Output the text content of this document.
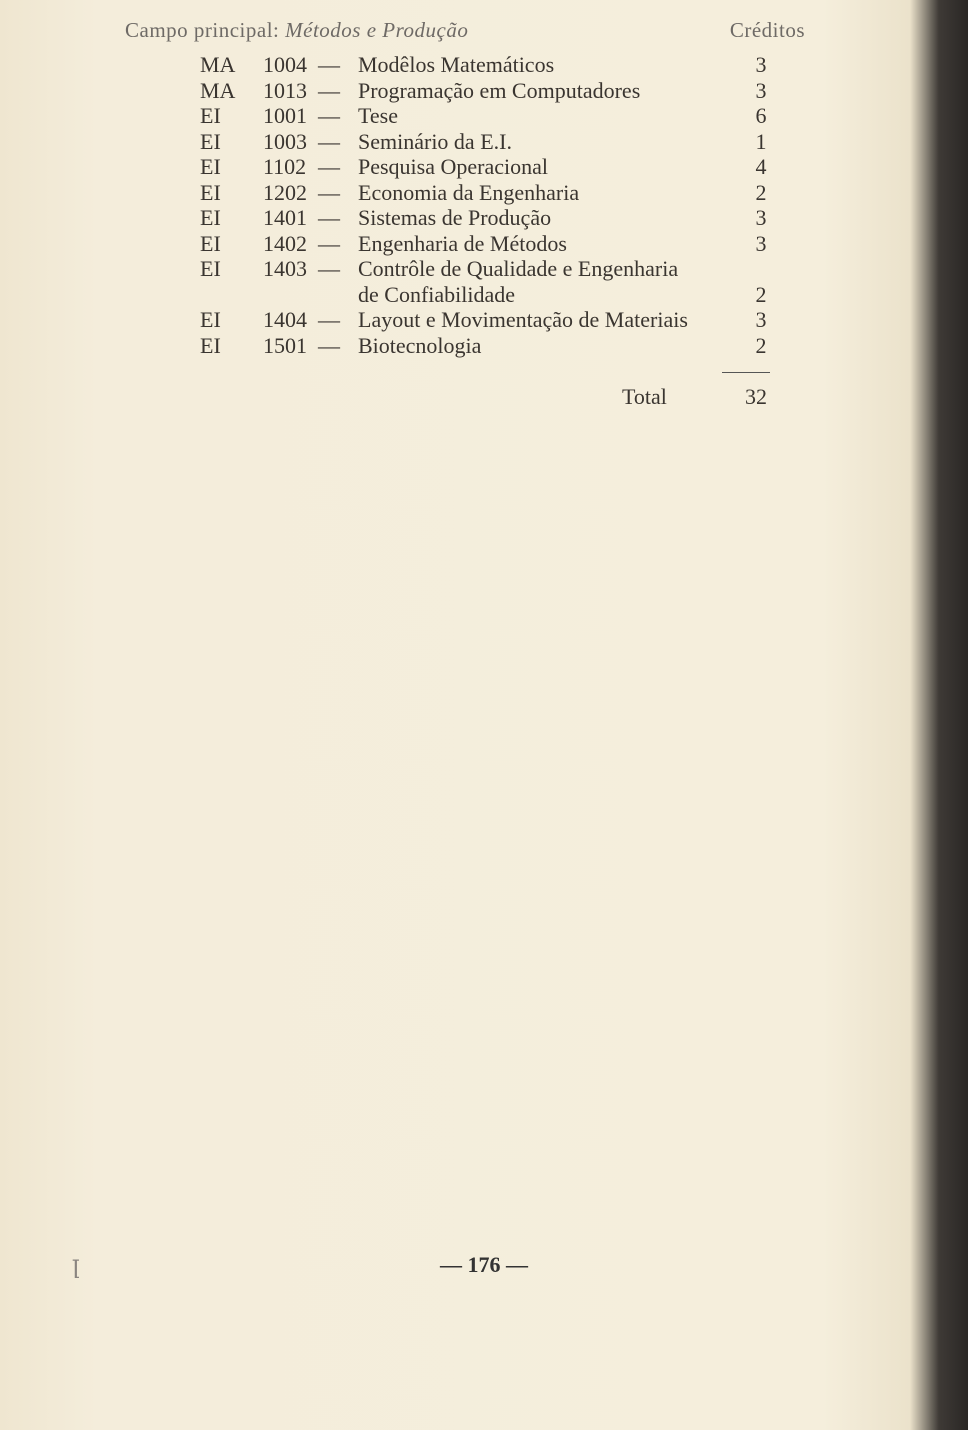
Campo principal: Métodos e Produção	Créditos
MA 1004 — Modêlos Matemáticos	3
MA 1013 — Programação em Computadores	3
EI 1001 — Tese	6
EI 1003 — Seminário da E.I.	1
EI 1102 — Pesquisa Operacional	4
EI 1202 — Economia da Engenharia	2
EI 1401 — Sistemas de Produção	3
EI 1402 — Engenharia de Métodos	3
EI 1403 — Contrôle de Qualidade e Engenharia
de Confiabilidade	2
EI 1404 — Layout e Movimentação de Materiais	3
EI 1501 — Biotecnologia	2
Total	32
ꞁ	— 176 —
